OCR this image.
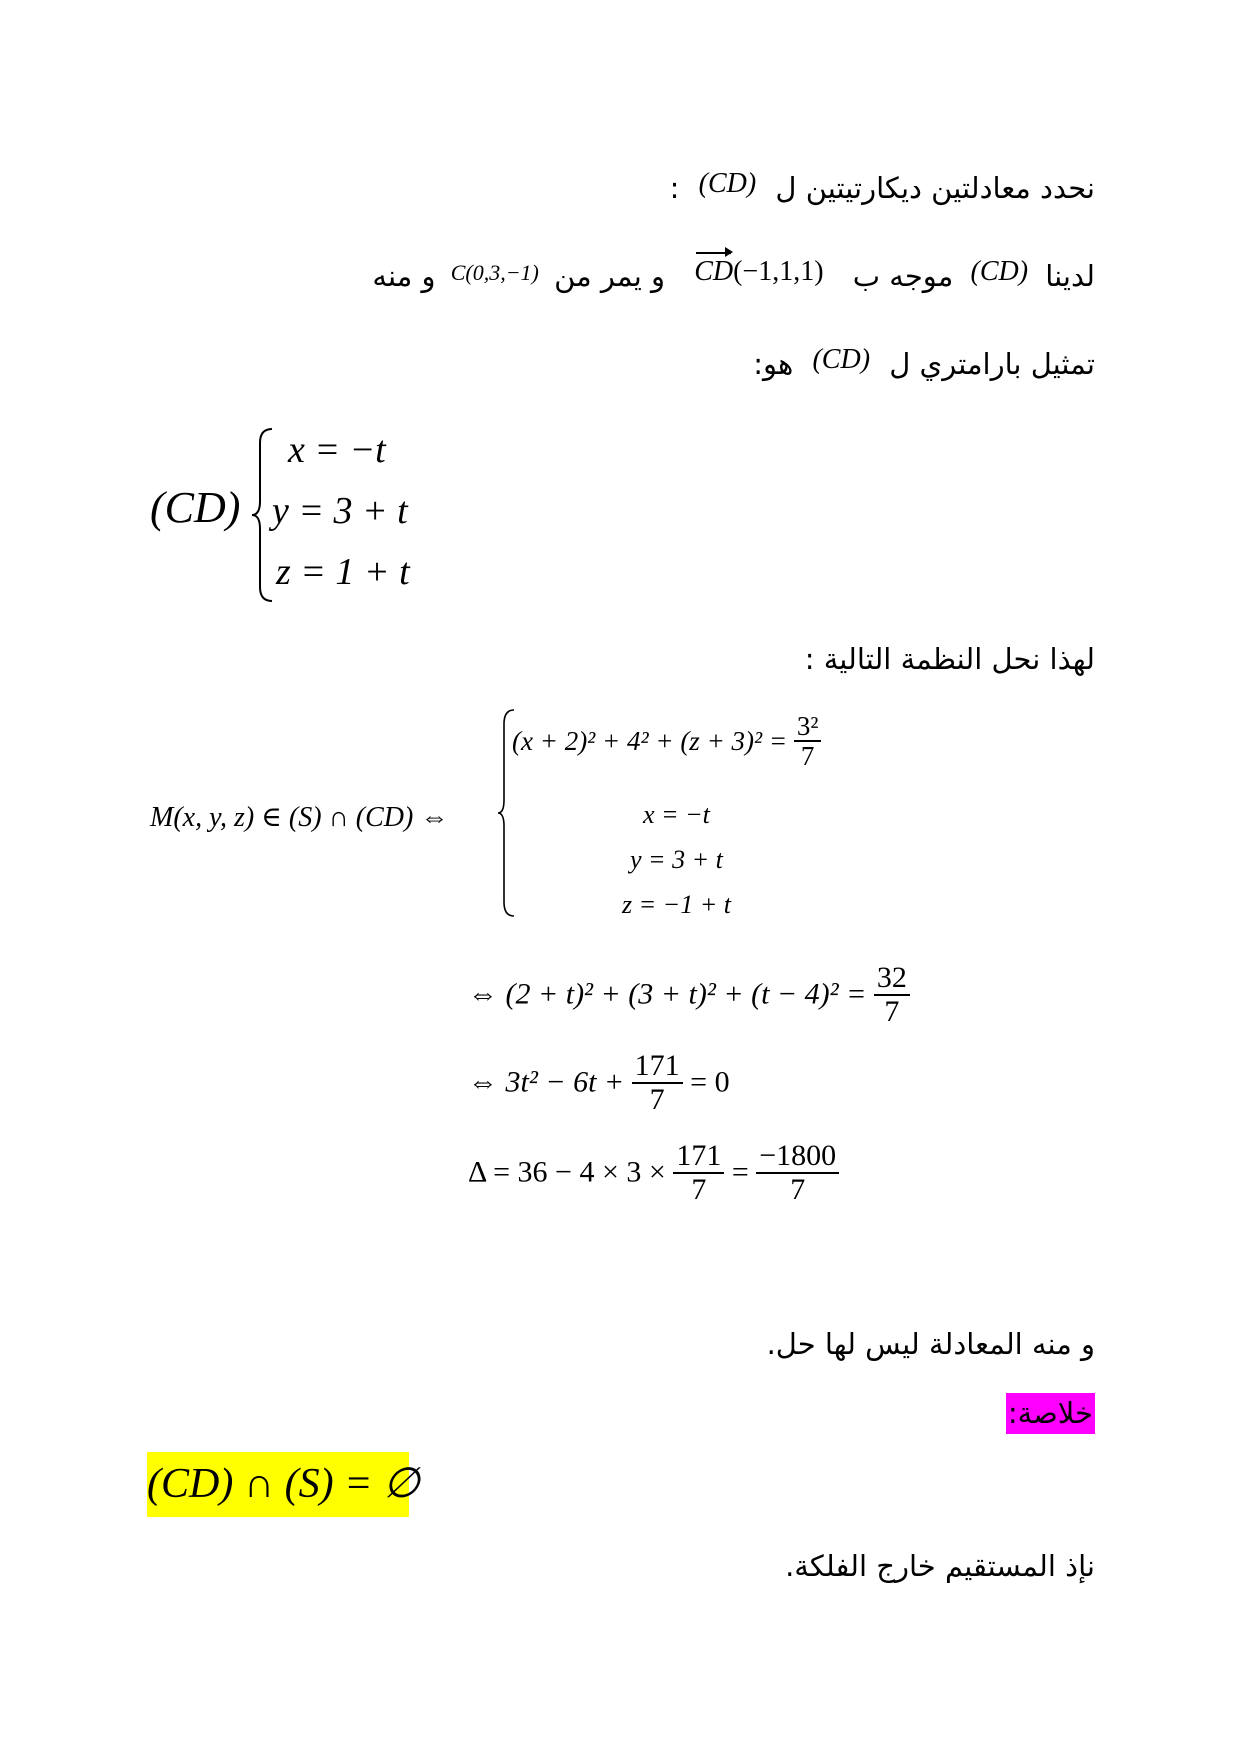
نحدد معادلتين ديكارتيتين ل (CD) :
لدينا (CD) موجه ب CD(−1,1,1) و يمر من C(0,3,−1) و منه
تمثيل بارامتري ل (CD) هو:
(CD)
x = −t
y = 3 + t
z = 1 + t
لهذا نحل النظمة التالية :
M(x, y, z) ∈ (S) ∩ (CD) ⇔
$(x + 2)^2 + 4^2 + (z + 3)^2 = \frac{\text{3²}}{7}$
x = −t
y = 3 + t
z = −1 + t
⇔ $(2 + t)^2 + (3 + t)^2 + (t - 4)^2 = \frac{32}{7}$
⇔ $3t^2 - 6t + \frac{171}{7} = 0$
$\Delta = 36 - 4 \times 3 \times \frac{171}{7} = \frac{-1800}{7}$
و منه المعادلة ليس لها حل.
خلاصة:
(CD) ∩ (S) = ∅
نإذ المستقيم خارج الفلكة.
